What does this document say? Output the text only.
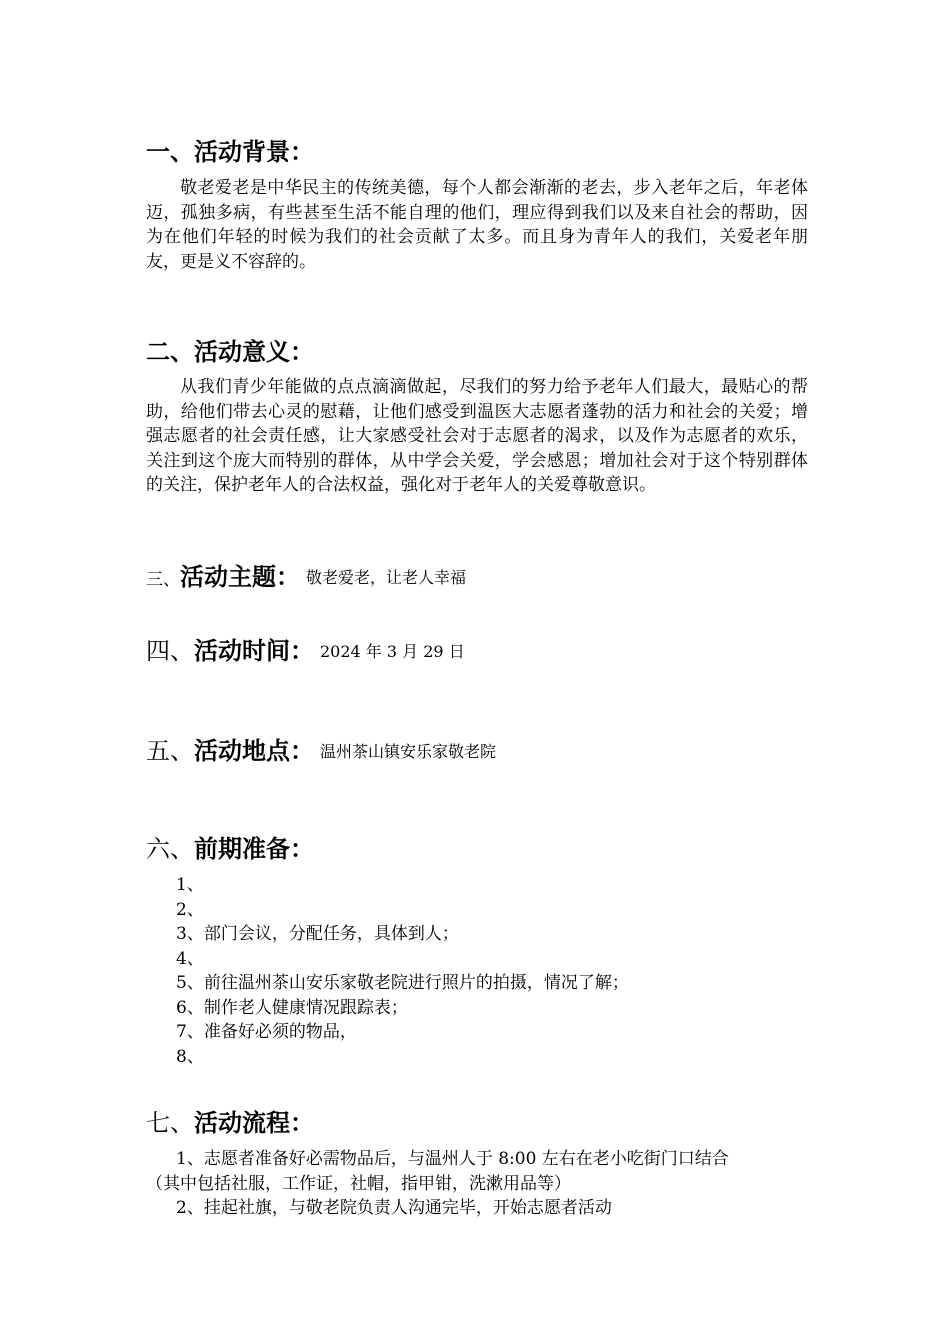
一、活动背景：

敬老爱老是中华民主的传统美德，每个人都会渐渐的老去，步入老年之后，年老体迈，孤独多病，有些甚至生活不能自理的他们，理应得到我们以及来自社会的帮助，因为在他们年轻的时候为我们的社会贡献了太多。而且身为青年人的我们，关爱老年朋友，更是义不容辞的。

二、活动意义：

从我们青少年能做的点点滴滴做起，尽我们的努力给予老年人们最大，最贴心的帮助，给他们带去心灵的慰藉，让他们感受到温医大志愿者蓬勃的活力和社会的关爱；增强志愿者的社会责任感，让大家感受社会对于志愿者的渴求，以及作为志愿者的欢乐，关注到这个庞大而特别的群体，从中学会关爱，学会感恩；增加社会对于这个特别群体的关注，保护老年人的合法权益，强化对于老年人的关爱尊敬意识。

三、活动主题： 敬老爱老，让老人幸福
四、活动时间： 2024 年 3 月 29 日
五、活动地点： 温州茶山镇安乐家敬老院
六、前期准备：
1、
2、
3、部门会议，分配任务，具体到人；
4、
5、前往温州茶山安乐家敬老院进行照片的拍摄，情况了解；
6、制作老人健康情况跟踪表；
7、准备好必须的物品，
8、
七、活动流程：
1、志愿者准备好必需物品后，与温州人于 8:00 左右在老小吃街门口结合
（其中包括社服，工作证，社帽，指甲钳，洗漱用品等）
2、挂起社旗，与敬老院负责人沟通完毕，开始志愿者活动
